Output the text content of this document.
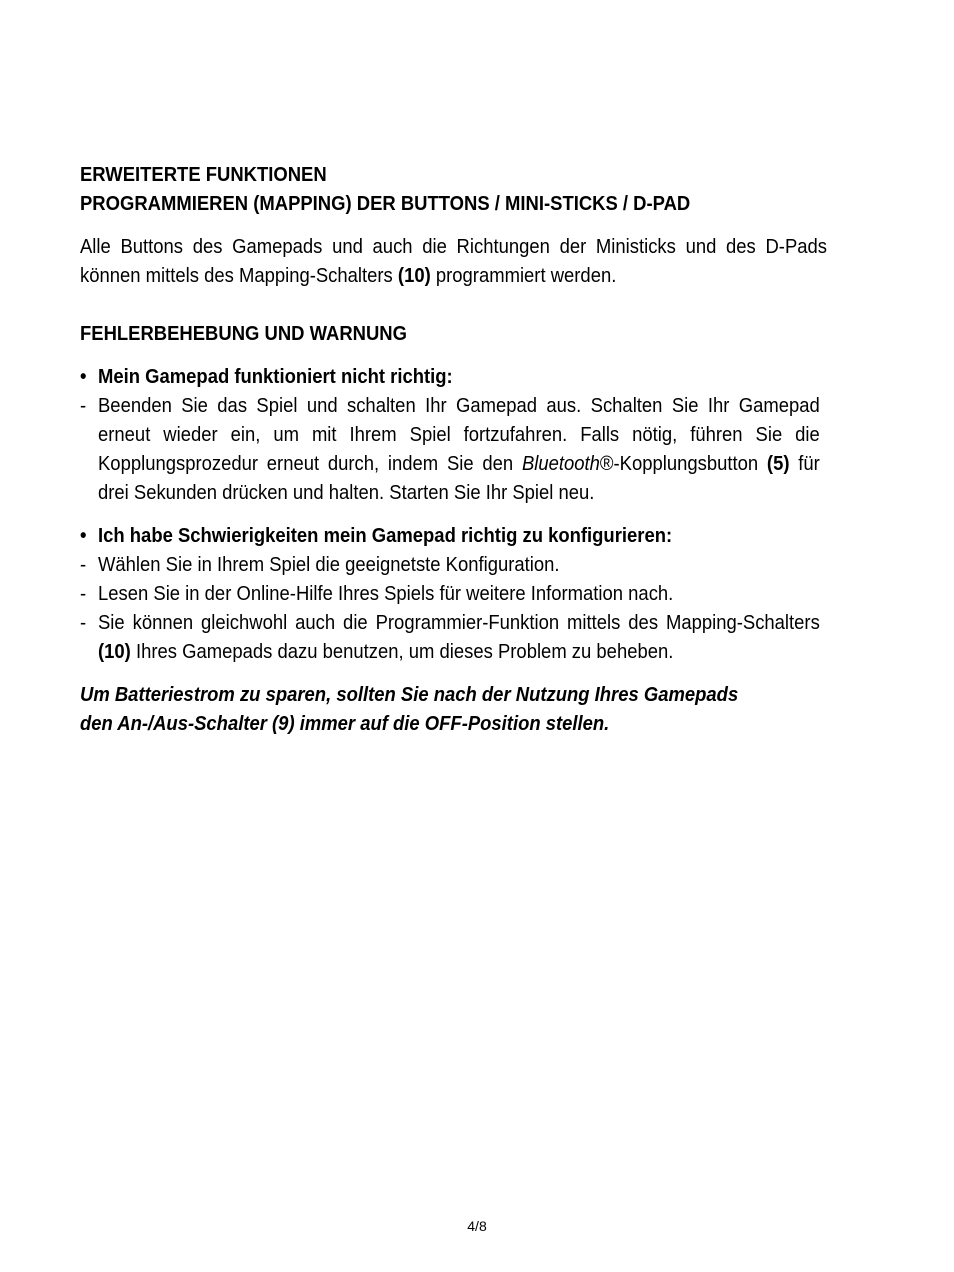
ERWEITERTE FUNKTIONEN

PROGRAMMIEREN (MAPPING) DER BUTTONS / MINI-STICKS / D-PAD

Alle Buttons des Gamepads und auch die Richtungen der Ministicks und des D-Pads können mittels des Mapping-Schalters (10) programmiert werden.

FEHLERBEHEBUNG UND WARNUNG

• Mein Gamepad funktioniert nicht richtig:
- Beenden Sie das Spiel und schalten Ihr Gamepad aus. Schalten Sie Ihr Gamepad erneut wieder ein, um mit Ihrem Spiel fortzufahren. Falls nötig, führen Sie die Kopplungsprozedur erneut durch, indem Sie den Bluetooth®-Kopplungsbutton (5) für drei Sekunden drücken und halten. Starten Sie Ihr Spiel neu.
• Ich habe Schwierigkeiten mein Gamepad richtig zu konfigurieren:
- Wählen Sie in Ihrem Spiel die geeignetste Konfiguration.
- Lesen Sie in der Online-Hilfe Ihres Spiels für weitere Information nach.
- Sie können gleichwohl auch die Programmier-Funktion mittels des Mapping-Schalters (10) Ihres Gamepads dazu benutzen, um dieses Problem zu beheben.

Um Batteriestrom zu sparen, sollten Sie nach der Nutzung Ihres Gamepads

den An-/Aus-Schalter (9) immer auf die OFF-Position stellen.

4/8
